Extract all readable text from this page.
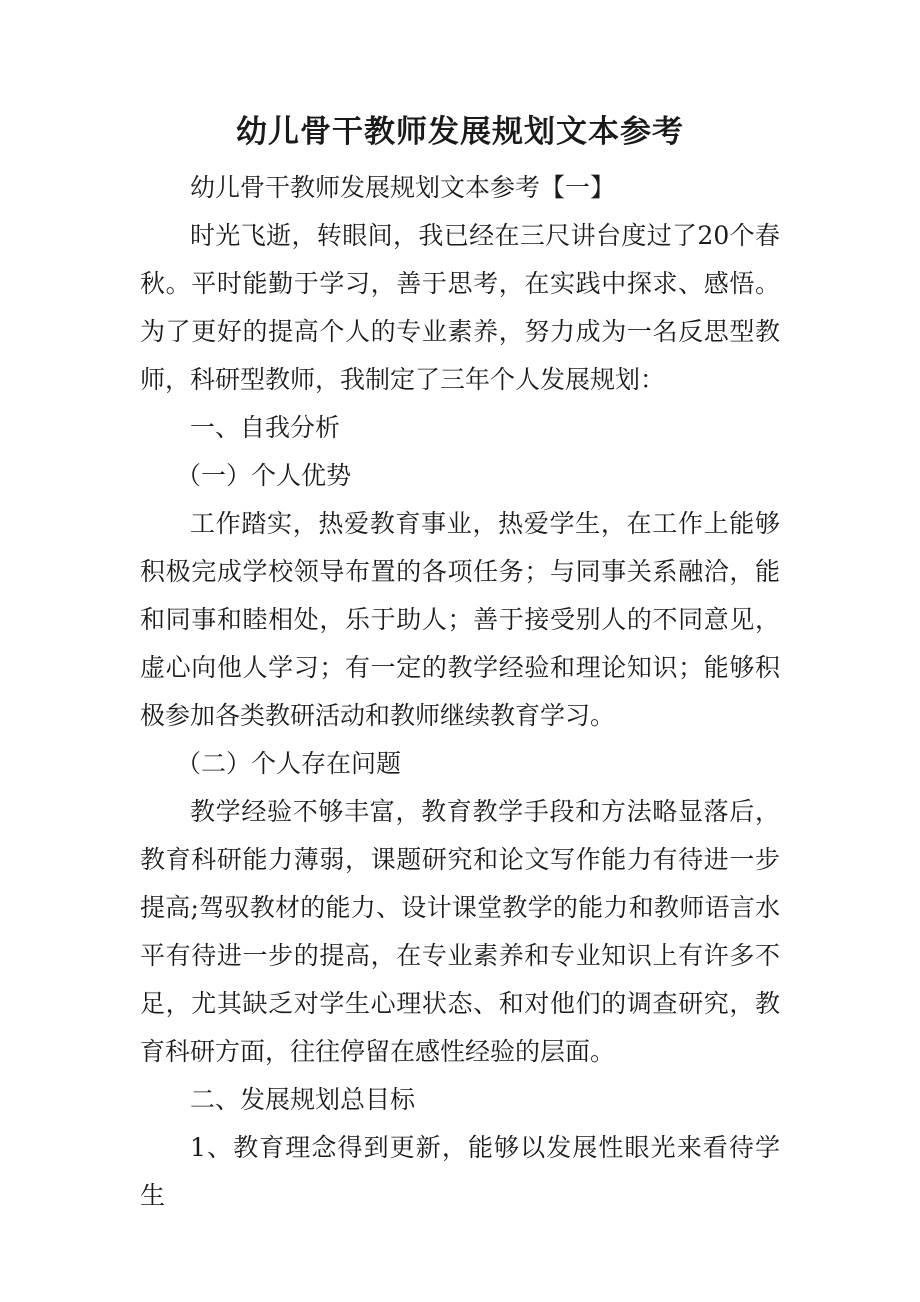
幼儿骨干教师发展规划文本参考

幼儿骨干教师发展规划文本参考【一】

时光飞逝，转眼间，我已经在三尺讲台度过了20个春秋。平时能勤于学习，善于思考，在实践中探求、感悟。为了更好的提高个人的专业素养，努力成为一名反思型教师，科研型教师，我制定了三年个人发展规划：

一、自我分析

（一）个人优势

工作踏实，热爱教育事业，热爱学生，在工作上能够积极完成学校领导布置的各项任务；与同事关系融洽，能和同事和睦相处，乐于助人；善于接受别人的不同意见，虚心向他人学习；有一定的教学经验和理论知识；能够积极参加各类教研活动和教师继续教育学习。

（二）个人存在问题

教学经验不够丰富，教育教学手段和方法略显落后，教育科研能力薄弱，课题研究和论文写作能力有待进一步提高;驾驭教材的能力、设计课堂教学的能力和教师语言水平有待进一步的提高，在专业素养和专业知识上有许多不足，尤其缺乏对学生心理状态、和对他们的调查研究，教育科研方面，往往停留在感性经验的层面。

二、发展规划总目标

1、教育理念得到更新，能够以发展性眼光来看待学生
